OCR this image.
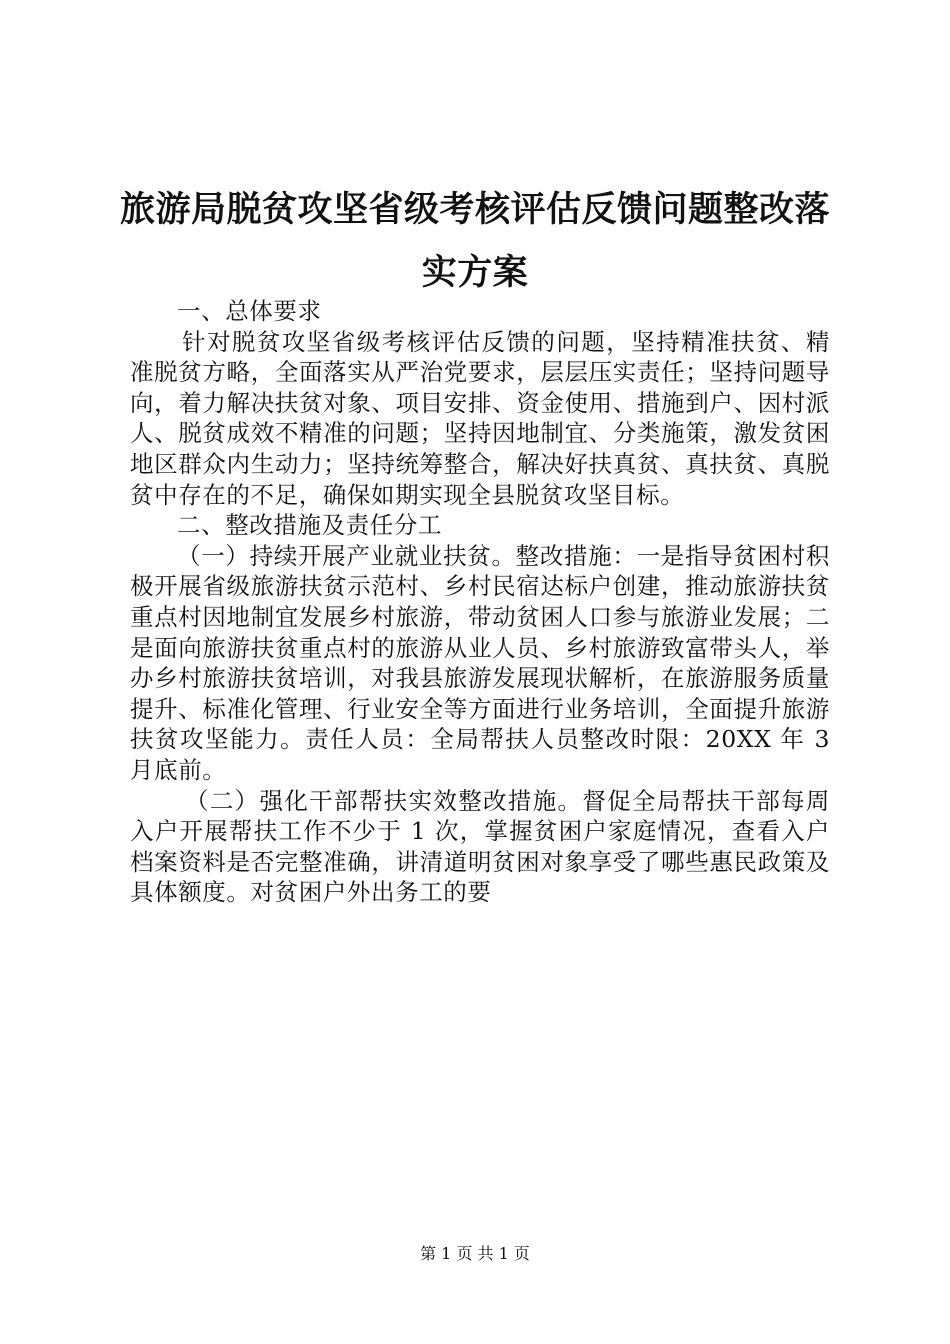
旅游局脱贫攻坚省级考核评估反馈问题整改落实方案

一、总体要求

针对脱贫攻坚省级考核评估反馈的问题，坚持精准扶贫、精准脱贫方略，全面落实从严治党要求，层层压实责任；坚持问题导向，着力解决扶贫对象、项目安排、资金使用、措施到户、因村派人、脱贫成效不精准的问题；坚持因地制宜、分类施策，激发贫困地区群众内生动力；坚持统筹整合，解决好扶真贫、真扶贫、真脱贫中存在的不足，确保如期实现全县脱贫攻坚目标。

二、整改措施及责任分工

（一）持续开展产业就业扶贫。整改措施：一是指导贫困村积极开展省级旅游扶贫示范村、乡村民宿达标户创建，推动旅游扶贫重点村因地制宜发展乡村旅游，带动贫困人口参与旅游业发展；二是面向旅游扶贫重点村的旅游从业人员、乡村旅游致富带头人，举办乡村旅游扶贫培训，对我县旅游发展现状解析，在旅游服务质量提升、标准化管理、行业安全等方面进行业务培训，全面提升旅游扶贫攻坚能力。责任人员：全局帮扶人员整改时限：20XX 年 3 月底前。

（二）强化干部帮扶实效整改措施。督促全局帮扶干部每周入户开展帮扶工作不少于 1 次，掌握贫困户家庭情况，查看入户档案资料是否完整准确，讲清道明贫困对象享受了哪些惠民政策及具体额度。对贫困户外出务工的要

第 1 页 共 1 页
